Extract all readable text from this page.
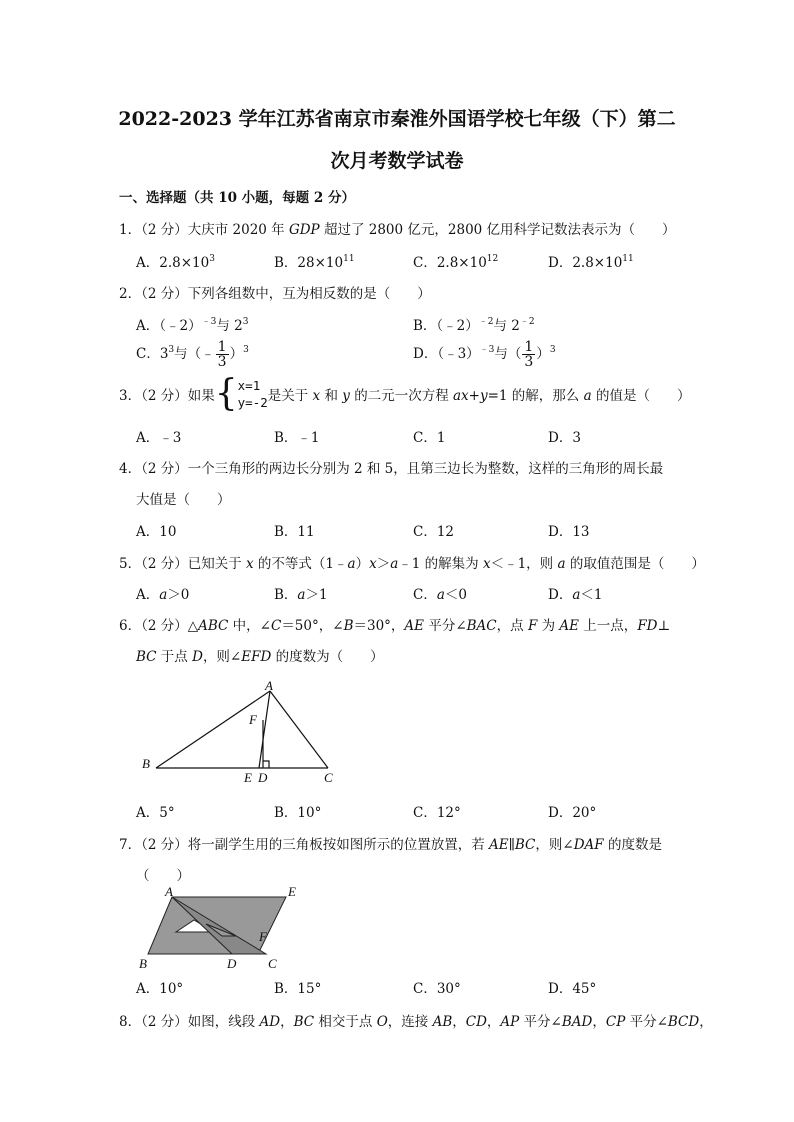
2022-2023 学年江苏省南京市秦淮外国语学校七年级（下）第二
次月考数学试卷
一、选择题（共 10 小题，每题 2 分）
1．（2 分）大庆市 2020 年 GDP 超过了 2800 亿元，2800 亿用科学记数法表示为（　　）
A．$2.8\times 10^3$	B．$28\times 10^{11}$	C．$2.8\times 10^{12}$	D．$2.8\times 10^{11}$
2．（2 分）下列各组数中，互为相反数的是（　　）
A．（﹣2）$^{﹣3}$与 $2^3$	B．（﹣2）$^{﹣2}$与 $2^{﹣2}$
C．$3^3$与（﹣ $\frac{1}{3} )^3$	D．（﹣3）$^{﹣3}$与（ $\frac{1}{3} )^3$
3．（2 分）如果{ x=1
y=-2 是关于 x 和 y 的二元一次方程 ax+y=1 的解，那么 a 的值是（　　）
A．﹣3	B．﹣1	C．1	D．3
4．（2 分）一个三角形的两边长分别为 2 和 5，且第三边长为整数，这样的三角形的周长最
大值是（　　）
A．10	B．11	C．12	D．13
5．（2 分）已知关于 x 的不等式（1﹣a）x＞a﹣1 的解集为 x＜﹣1，则 a 的取值范围是（　　）
A．a＞0	B．a＞1	C．a＜0	D．a＜1
6．（2 分）△ABC 中，∠C＝50°，∠B＝30°，AE 平分∠BAC，点 F 为 AE 上一点，FD⊥
BC 于点 D，则∠EFD 的度数为（　　）
A
B
C
D
E
F
A．5°	B．10°	C．12°	D．20°
7．（2 分）将一副学生用的三角板按如图所示的位置放置，若 AE∥BC，则∠DAF 的度数是
（　　）
A	E
B	D C
F
A．10°	B．15°	C．30°	D．45°
8．（2 分）如图，线段 AD，BC 相交于点 O，连接 AB，CD，AP 平分∠BAD，CP 平分∠BCD，
